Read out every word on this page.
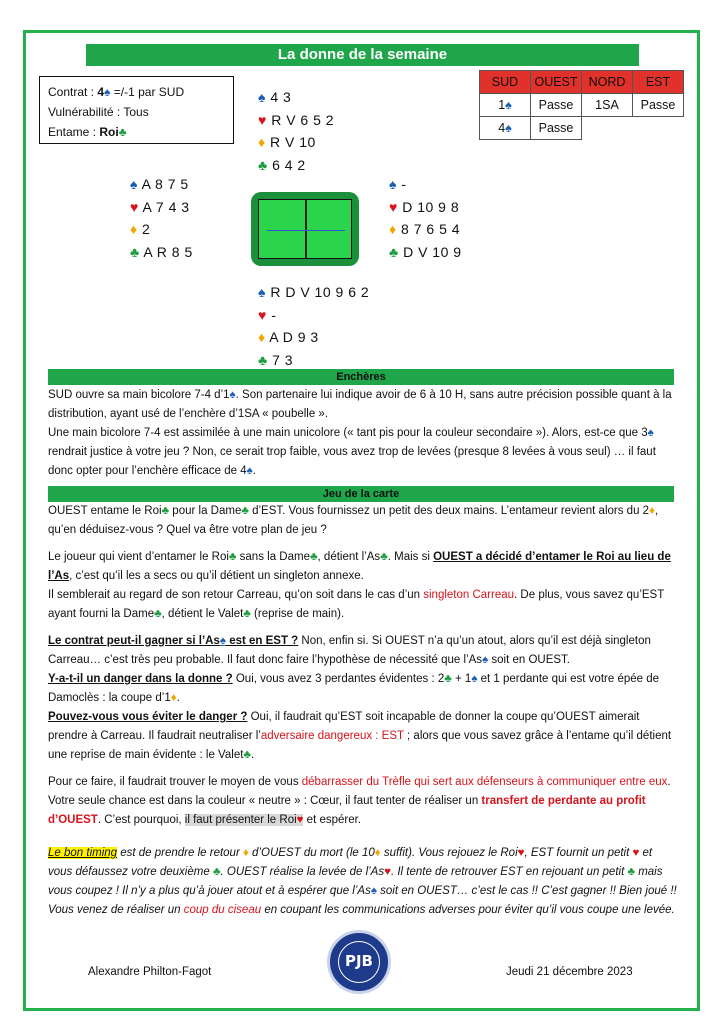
La donne de la semaine
Contrat : 4♠ =/-1 par SUD
Vulnérabilité : Tous
Entame : Roi♣
SUD	OUEST	NORD	EST
1♠	Passe	1SA	Passe
4♠	Passe		
♠ 4 3
♥ R V 6 5 2
♦ R V 10
♣ 6 4 2
♠ A 8 7 5
♥ A 7 4 3
♦ 2
♣ A R 8 5
♠ -
♥ D 10 9 8
♦ 8 7 6 5 4
♣ D V 10 9
♠ R D V 10 9 6 2
♥ -
♦ A D 9 3
♣ 7 3
Enchères
SUD ouvre sa main bicolore 7-4 d’1♠. Son partenaire lui indique avoir de 6 à 10 H, sans autre précision possible quant à la distribution, ayant usé de l’enchère d’1SA « poubelle ».
Une main bicolore 7-4 est assimilée à une main unicolore (« tant pis pour la couleur secondaire »). Alors, est-ce que 3♠ rendrait justice à votre jeu ? Non, ce serait trop faible, vous avez trop de levées (presque 8 levées à vous seul) … il faut donc opter pour l’enchère efficace de 4♠.
Jeu de la carte
OUEST entame le Roi♣ pour la Dame♣ d’EST. Vous fournissez un petit des deux mains. L’entameur revient alors du 2♦, qu’en déduisez-vous ? Quel va être votre plan de jeu ?
Le joueur qui vient d’entamer le Roi♣ sans la Dame♣, détient l’As♣. Mais si OUEST a décidé d’entamer le Roi au lieu de l’As, c’est qu’il les a secs ou qu’il détient un singleton annexe.
Il semblerait au regard de son retour Carreau, qu’on soit dans le cas d’un singleton Carreau. De plus, vous savez qu’EST ayant fourni la Dame♣, détient le Valet♣ (reprise de main).
Le contrat peut-il gagner si l’As♠ est en EST ? Non, enfin si. Si OUEST n’a qu’un atout, alors qu’il est déjà singleton Carreau… c’est très peu probable. Il faut donc faire l’hypothèse de nécessité que l’As♠ soit en OUEST.
Y-a-t-il un danger dans la donne ? Oui, vous avez 3 perdantes évidentes : 2♣ + 1♠ et 1 perdante qui est votre épée de Damoclès : la coupe d’1♦.
Pouvez-vous vous éviter le danger ? Oui, il faudrait qu’EST soit incapable de donner la coupe qu’OUEST aimerait prendre à Carreau. Il faudrait neutraliser l’adversaire dangereux : EST ; alors que vous savez grâce à l’entame qu’il détient une reprise de main évidente : le Valet♣.
Pour ce faire, il faudrait trouver le moyen de vous débarrasser du Trèfle qui sert aux défenseurs à communiquer entre eux. Votre seule chance est dans la couleur « neutre » : Cœur, il faut tenter de réaliser un transfert de perdante au profit d’OUEST. C’est pourquoi, il faut présenter le Roi♥ et espérer.
Le bon timing est de prendre le retour ♦ d’OUEST du mort (le 10♦ suffit). Vous rejouez le Roi♥, EST fournit un petit ♥ et vous défaussez votre deuxième ♣. OUEST réalise la levée de l’As♥. Il tente de retrouver EST en rejouant un petit ♣ mais vous coupez ! Il n’y a plus qu’à jouer atout et à espérer que l’As♠ soit en OUEST… c’est le cas !! C’est gagner !! Bien joué !! Vous venez de réaliser un coup du ciseau en coupant les communications adverses pour éviter qu’il vous coupe une levée.
Alexandre Philton-Fagot
PJB
Jeudi 21 décembre 2023
